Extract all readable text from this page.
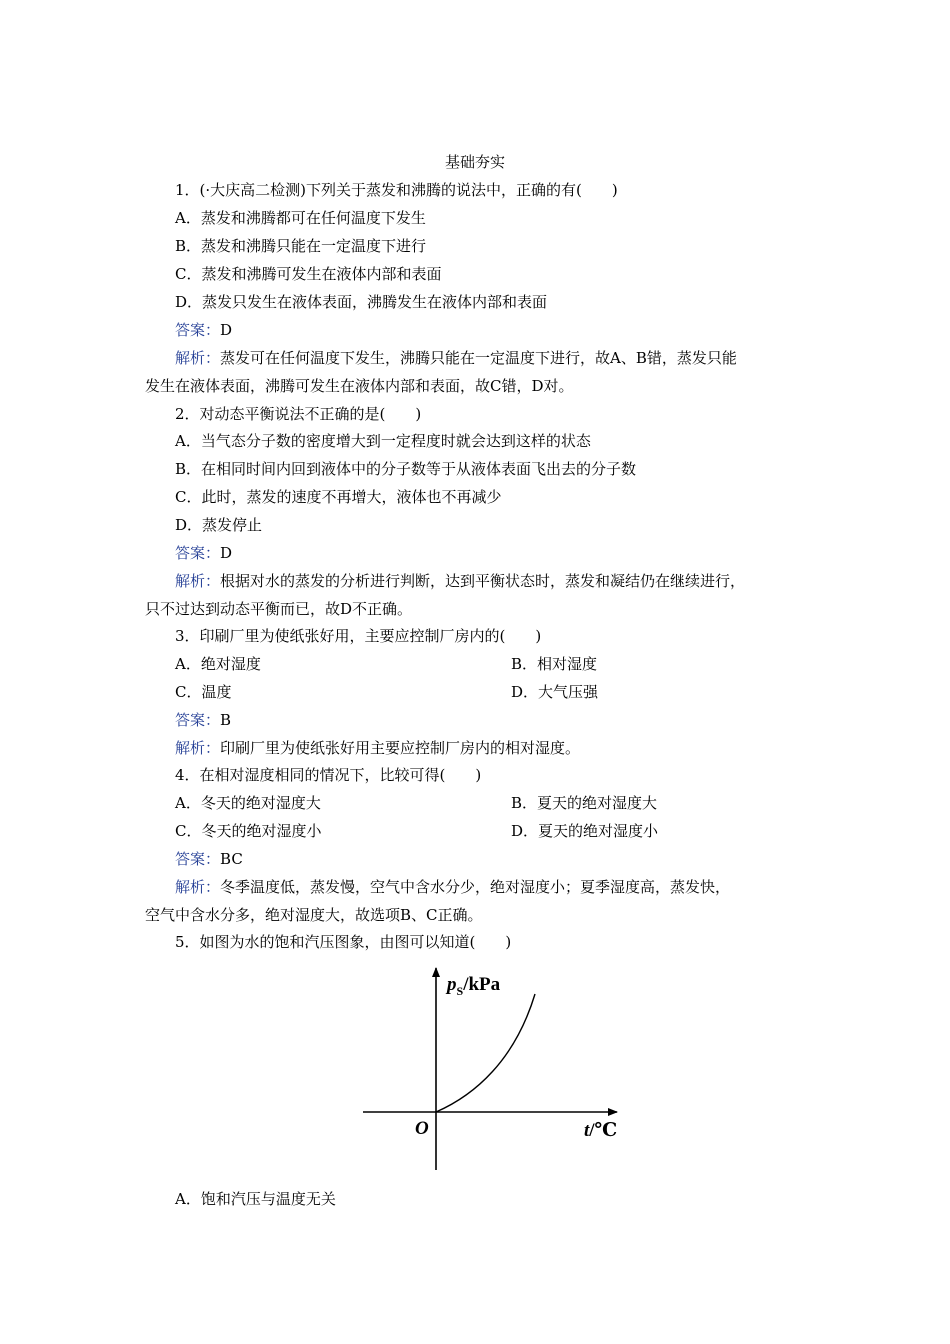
基础夯实
1．(·大庆高二检测)下列关于蒸发和沸腾的说法中，正确的有(　　)
A．蒸发和沸腾都可在任何温度下发生
B．蒸发和沸腾只能在一定温度下进行
C．蒸发和沸腾可发生在液体内部和表面
D．蒸发只发生在液体表面，沸腾发生在液体内部和表面
答案：D
解析：蒸发可在任何温度下发生，沸腾只能在一定温度下进行，故A、B错，蒸发只能
发生在液体表面，沸腾可发生在液体内部和表面，故C错，D对。
2．对动态平衡说法不正确的是(　　)
A．当气态分子数的密度增大到一定程度时就会达到这样的状态
B．在相同时间内回到液体中的分子数等于从液体表面飞出去的分子数
C．此时，蒸发的速度不再增大，液体也不再减少
D．蒸发停止
答案：D
解析：根据对水的蒸发的分析进行判断，达到平衡状态时，蒸发和凝结仍在继续进行，
只不过达到动态平衡而已，故D不正确。
3．印刷厂里为使纸张好用，主要应控制厂房内的(　　)
A．绝对湿度	B．相对湿度
C．温度	D．大气压强
答案：B
解析：印刷厂里为使纸张好用主要应控制厂房内的相对湿度。
4．在相对湿度相同的情况下，比较可得(　　)
A．冬天的绝对湿度大	B．夏天的绝对湿度大
C．冬天的绝对湿度小	D．夏天的绝对湿度小
答案：BC
解析：冬季温度低，蒸发慢，空气中含水分少，绝对湿度小；夏季湿度高，蒸发快，
空气中含水分多，绝对湿度大，故选项B、C正确。
5．如图为水的饱和汽压图象，由图可以知道(　　)
$p_S$/kPa
O	t/℃
A．饱和汽压与温度无关
